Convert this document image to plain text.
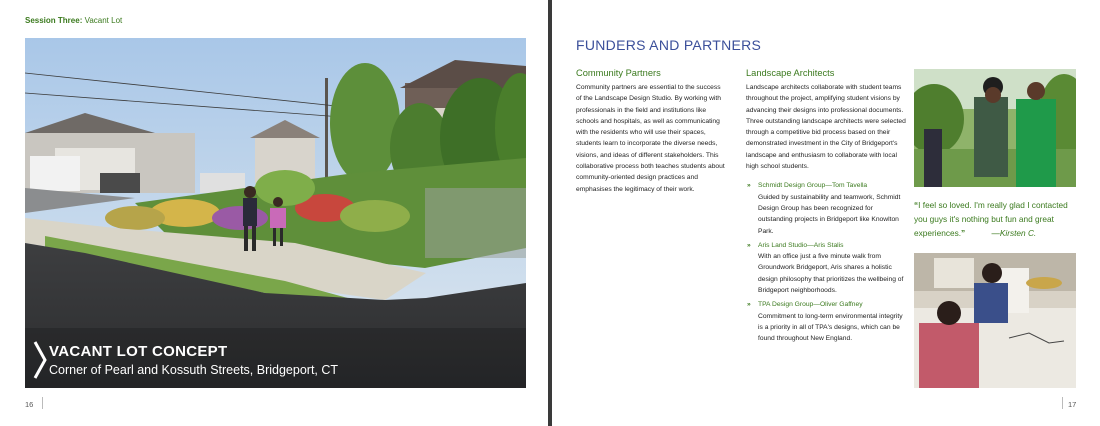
Session Three: Vacant Lot
VACANT LOT CONCEPT
Corner of Pearl and Kossuth Streets, Bridgeport, CT
16
FUNDERS AND PARTNERS
Community Partners

Community partners are essential to the success of the Landscape Design Studio. By working with professionals in the field and institutions like schools and hospitals, as well as communicating with the residents who will use their spaces, students learn to incorporate the diverse needs, visions, and ideas of different stakeholders. This collaborative process both teaches students about community-oriented design practices and emphasises the legitimacy of their work.

Landscape Architects

Landscape architects collaborate with student teams throughout the project, amplifying student visions by advancing their designs into professional documents. Three outstanding landscape architects were selected through a competitive bid process based on their demonstrated investment in the City of Bridgeport's landscape and enthusiasm to collaborate with local high school students.

» Schmidt Design Group—Tom Tavella
Guided by sustainability and teamwork, Schmidt Design Group has been recognized for outstanding projects in Bridgeport like Knowlton Park.
» Aris Land Studio—Aris Stalis
With an office just a five minute walk from Groundwork Bridgeport, Aris shares a holistic design philosophy that prioritizes the wellbeing of Bridgeport neighborhoods.
» TPA Design Group—Oliver Gaffney
Commitment to long-term environmental integrity is a priority in all of TPA's designs, which can be found throughout New England.
“I feel so loved. I'm really glad I contacted you guys it's nothing but fun and great experiences.”	—Kirsten C.
17
